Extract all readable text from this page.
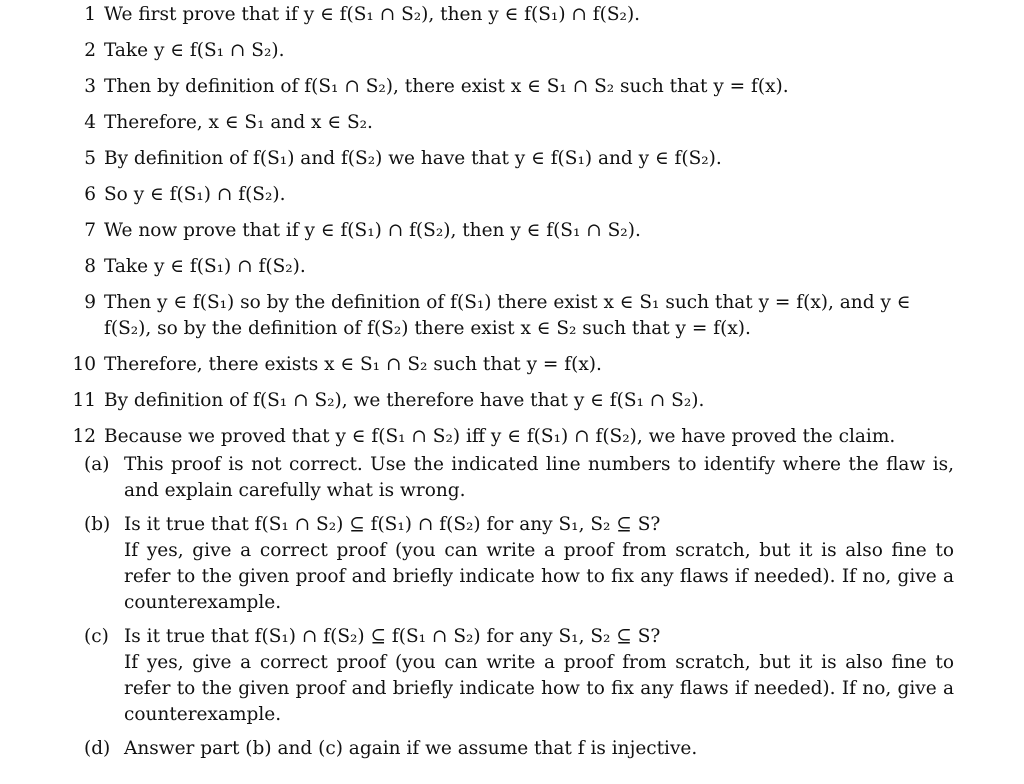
1 We first prove that if y ∈ f(S₁ ∩ S₂), then y ∈ f(S₁) ∩ f(S₂).
2 Take y ∈ f(S₁ ∩ S₂).
3 Then by definition of f(S₁ ∩ S₂), there exist x ∈ S₁ ∩ S₂ such that y = f(x).
4 Therefore, x ∈ S₁ and x ∈ S₂.
5 By definition of f(S₁) and f(S₂) we have that y ∈ f(S₁) and y ∈ f(S₂).
6 So y ∈ f(S₁) ∩ f(S₂).
7 We now prove that if y ∈ f(S₁) ∩ f(S₂), then y ∈ f(S₁ ∩ S₂).
8 Take y ∈ f(S₁) ∩ f(S₂).
9 Then y ∈ f(S₁) so by the definition of f(S₁) there exist x ∈ S₁ such that y = f(x), and y ∈ f(S₂), so by the definition of f(S₂) there exist x ∈ S₂ such that y = f(x).
10 Therefore, there exists x ∈ S₁ ∩ S₂ such that y = f(x).
11 By definition of f(S₁ ∩ S₂), we therefore have that y ∈ f(S₁ ∩ S₂).
12 Because we proved that y ∈ f(S₁ ∩ S₂) iff y ∈ f(S₁) ∩ f(S₂), we have proved the claim.
(a) This proof is not correct. Use the indicated line numbers to identify where the flaw is, and explain carefully what is wrong.

(b) Is it true that f(S₁ ∩ S₂) ⊆ f(S₁) ∩ f(S₂) for any S₁, S₂ ⊆ S?

If yes, give a correct proof (you can write a proof from scratch, but it is also fine to refer to the given proof and briefly indicate how to fix any flaws if needed). If no, give a counterexample.

(c) Is it true that f(S₁) ∩ f(S₂) ⊆ f(S₁ ∩ S₂) for any S₁, S₂ ⊆ S?

If yes, give a correct proof (you can write a proof from scratch, but it is also fine to refer to the given proof and briefly indicate how to fix any flaws if needed). If no, give a counterexample.

(d) Answer part (b) and (c) again if we assume that f is injective.
